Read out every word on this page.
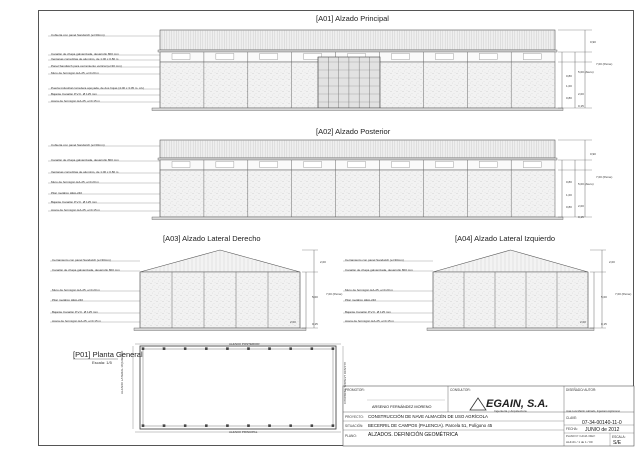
[A01] Alzado Principal
[A02] Alzado Posterior
[A03] Alzado Lateral Derecho	[A04] Alzado Lateral Izquierdo
[P01] Planta General
Escala: 1/5
Cubierta con panel Sandwich (e=30mm)
Canalón de chapa galvanizada, desarrollo 800 mm
Ventanas corredizas de aluminio, de 1.00 x 0.80 m
Panel Sandwich para cerramiento vertical (e=30 mm)
Muro de hormigón HA-25, e=0.20 m
Puerta industrial corredera apoyada, de dos hojas (4.00 x 3.05 m. c/u)
Bajante Canalón P.V.C. Ø 125 mm
Acera de hormigón HA-25, e=0.15 m
Cubierta con panel Sandwich (e=30mm)
Canalón de chapa galvanizada, desarrollo 800 mm
Ventanas corredizas de aluminio, de 1.00 x 0.80 m
Muro de hormigón HA-25, e=0.20 m
Pilar metálico HEA-240
Bajante Canalón P.V.C. Ø 125 mm
Acera de hormigón HA-25, e=0.15 m
Cerramiento con panel Sandwich (e=30mm)
Canalón de chapa galvanizada, desarrollo 800 mm
Muro de hormigón HA-25, e=0.20 m
Pilar metálico HEA-240
Bajante Canalón P.V.C. Ø 125 mm
Acera de hormigón HA-25, e=0.15 m
Cerramiento con panel Sandwich (e=30mm)
Canalón de chapa galvanizada, desarrollo 800 mm
Muro de hormigón HA-25, e=0.20 m
Pilar metálico HEA-240
Bajante Canalón P.V.C. Ø 125 mm
Acera de hormigón HA-25, e=0.15 m
0,90
7,00 (Peine)
5,00 (Alero)
2,00
0,15
0,80
1,00
0,80
0,90
7,00 (Peine)
5,00 (Alero)
2,00
0,15
0,80
1,00
0,80
2,00
7,00 (Peine)
5,00
0,15
2,00
2,00
7,00 (Peine)
5,00
0,15
2,00
ALZADO POSTERIOR
ALZADO PRINCIPAL
ALZADO LATERAL IZQUIERDO	ALZADO LATERAL DERECHO
PROMOTOR:
ARSENIO FERNÁNDEZ MORENO
CONSULTOR:	DISEÑADO/ AUTOR:
José Luis Martín Labrado, Ingeniero Agrónomo
EGAIN, S.A.
Ingeniería y Arquitectura
PROYECTO: CONSTRUCCIÓN DE NAVE ALMACÉN DE USO AGRÍCOLA
SITUACIÓN: BECERRIL DE CAMPOS (PALENCIA). Parcela 51, Polígono 45
PLANO: ALZADOS. DEFINICIÓN GEOMÉTRICA
CLAVE:
07-34-00140-11-0
FECHA: JUNIO de 2012
PLANO Nº / HOJA / REV:
ALZ-01 / 1 de 1 / 00
ESCALA:
S/E
